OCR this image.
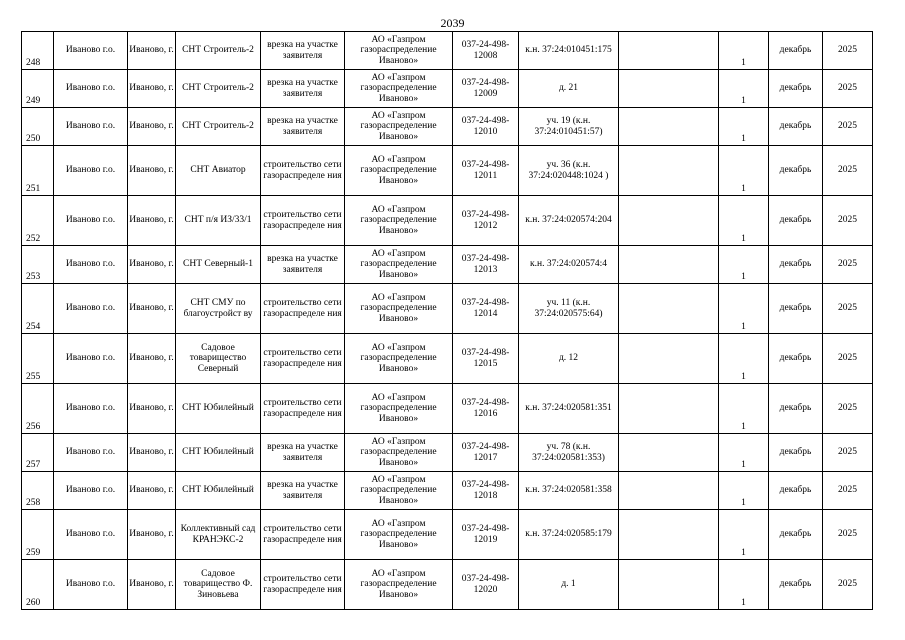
2039
248	Иваново г.о.	Иваново, г.	СНТ Строитель-2	врезка на участке заявителя	АО «Газпром газораспределение Иваново»	037-24-498-12008	к.н. 37:24:010451:175		1	декабрь	2025
249	Иваново г.о.	Иваново, г.	СНТ Строитель-2	врезка на участке заявителя	АО «Газпром газораспределение Иваново»	037-24-498-12009	д. 21		1	декабрь	2025
250	Иваново г.о.	Иваново, г.	СНТ Строитель-2	врезка на участке заявителя	АО «Газпром газораспределение Иваново»	037-24-498-12010	уч. 19 (к.н. 37:24:010451:57)		1	декабрь	2025
251	Иваново г.о.	Иваново, г.	СНТ Авиатор	строительство сети газораспределе ния	АО «Газпром газораспределение Иваново»	037-24-498-12011	уч. 36 (к.н. 37:24:020448:1024 )		1	декабрь	2025
252	Иваново г.о.	Иваново, г.	СНТ п/я ИЗ/33/1	строительство сети газораспределе ния	АО «Газпром газораспределение Иваново»	037-24-498-12012	к.н. 37:24:020574:204		1	декабрь	2025
253	Иваново г.о.	Иваново, г.	СНТ Северный-1	врезка на участке заявителя	АО «Газпром газораспределение Иваново»	037-24-498-12013	к.н. 37:24:020574:4		1	декабрь	2025
254	Иваново г.о.	Иваново, г.	СНТ СМУ по благоустройст ву	строительство сети газораспределе ния	АО «Газпром газораспределение Иваново»	037-24-498-12014	уч. 11 (к.н. 37:24:020575:64)		1	декабрь	2025
255	Иваново г.о.	Иваново, г.	Садовое товарищество Северный	строительство сети газораспределе ния	АО «Газпром газораспределение Иваново»	037-24-498-12015	д. 12		1	декабрь	2025
256	Иваново г.о.	Иваново, г.	СНТ Юбилейный	строительство сети газораспределе ния	АО «Газпром газораспределение Иваново»	037-24-498-12016	к.н. 37:24:020581:351		1	декабрь	2025
257	Иваново г.о.	Иваново, г.	СНТ Юбилейный	врезка на участке заявителя	АО «Газпром газораспределение Иваново»	037-24-498-12017	уч. 78 (к.н. 37:24:020581:353)		1	декабрь	2025
258	Иваново г.о.	Иваново, г.	СНТ Юбилейный	врезка на участке заявителя	АО «Газпром газораспределение Иваново»	037-24-498-12018	к.н. 37:24:020581:358		1	декабрь	2025
259	Иваново г.о.	Иваново, г.	Коллективный сад КРАНЭКС-2	строительство сети газораспределе ния	АО «Газпром газораспределение Иваново»	037-24-498-12019	к.н. 37:24:020585:179		1	декабрь	2025
260	Иваново г.о.	Иваново, г.	Садовое товарищество Ф. Зиновьева	строительство сети газораспределе ния	АО «Газпром газораспределение Иваново»	037-24-498-12020	д. 1		1	декабрь	2025
